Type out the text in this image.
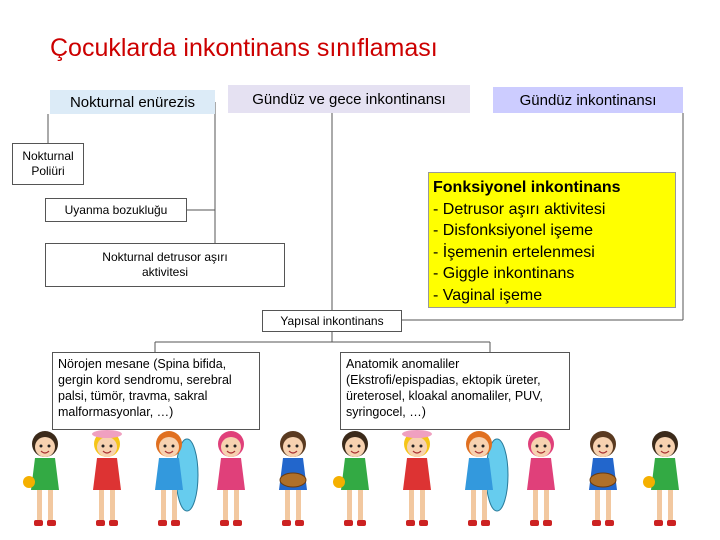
Çocuklarda inkontinans sınıflaması
Nokturnal enürezis	Gündüz ve gece inkontinansı	Gündüz inkontinansı
Nokturnal
Poliüri
Uyanma bozukluğu
Nokturnal detrusor aşırı
aktivitesi
Fonksiyonel inkontinans
- Detrusor aşırı aktivitesi
- Disfonksiyonel işeme
- İşemenin ertelenmesi
- Giggle inkontinans
- Vaginal işeme
Yapısal inkontinans
Nörojen mesane (Spina bifida,
gergin kord sendromu, serebral
palsi, tümör, travma, sakral
malformasyonlar, …)
Anatomik anomaliler
(Ekstrofi/epispadias, ektopik üreter,
üreterosel, kloakal anomaliler, PUV,
syringocel, …)
